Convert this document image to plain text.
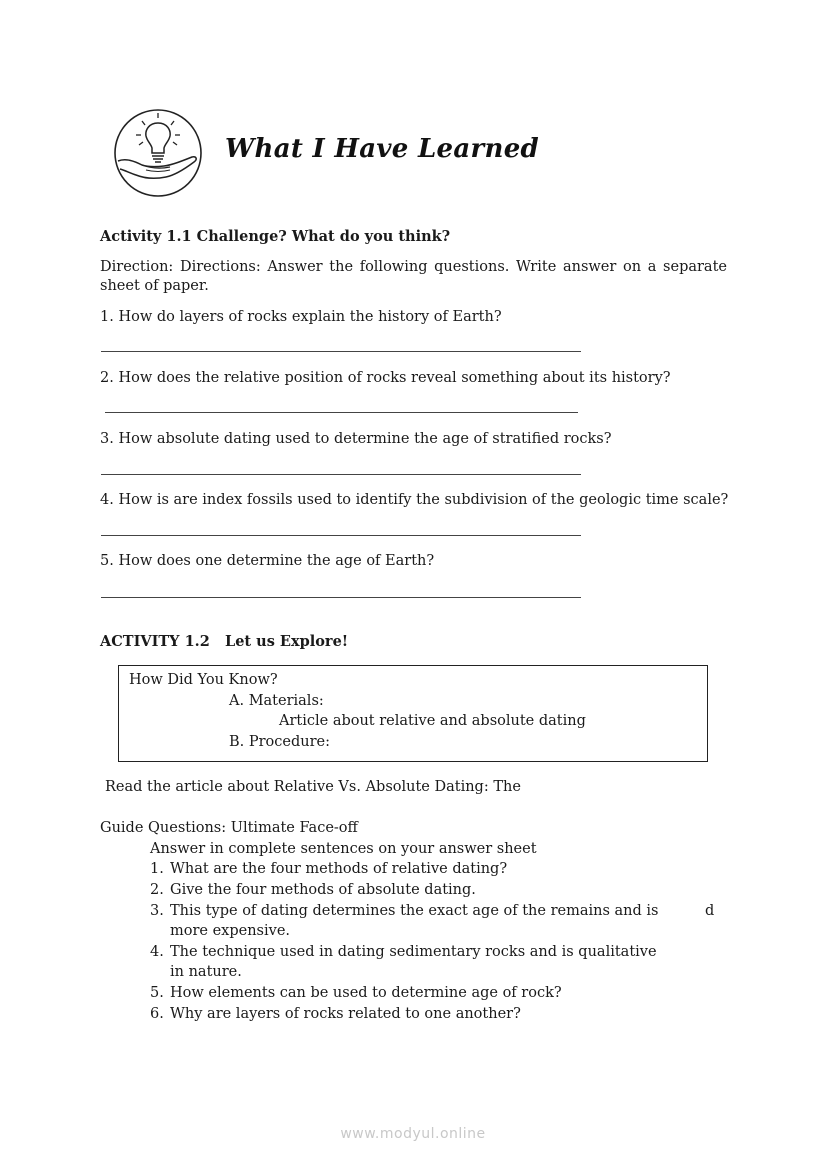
What I Have Learned
Activity 1.1 Challenge? What do you think?
Direction: Directions: Answer the following questions. Write answer on a separate sheet of paper.
1. How do layers of rocks explain the history of Earth?
2. How does the relative position of rocks reveal something about its history?
3. How absolute dating used to determine the age of stratified rocks?
4. How is are index fossils used to identify the subdivision of the geologic time scale?
5. How does one determine the age of Earth?
ACTIVITY 1.2 Let us Explore!
How Did You Know?
A. Materials:
Article about relative and absolute dating
B. Procedure:
Read the article about Relative Vs. Absolute Dating: The
Guide Questions: Ultimate Face-off
Answer in complete sentences on your answer sheet
1. What are the four methods of relative dating?
2. Give the four methods of absolute dating.
3. This type of dating determines the exact age of the remains and is	d
more expensive.
4. The technique used in dating sedimentary rocks and is qualitative
in nature.
5. How elements can be used to determine age of rock?
6. Why are layers of rocks related to one another?
www.modyul.online
